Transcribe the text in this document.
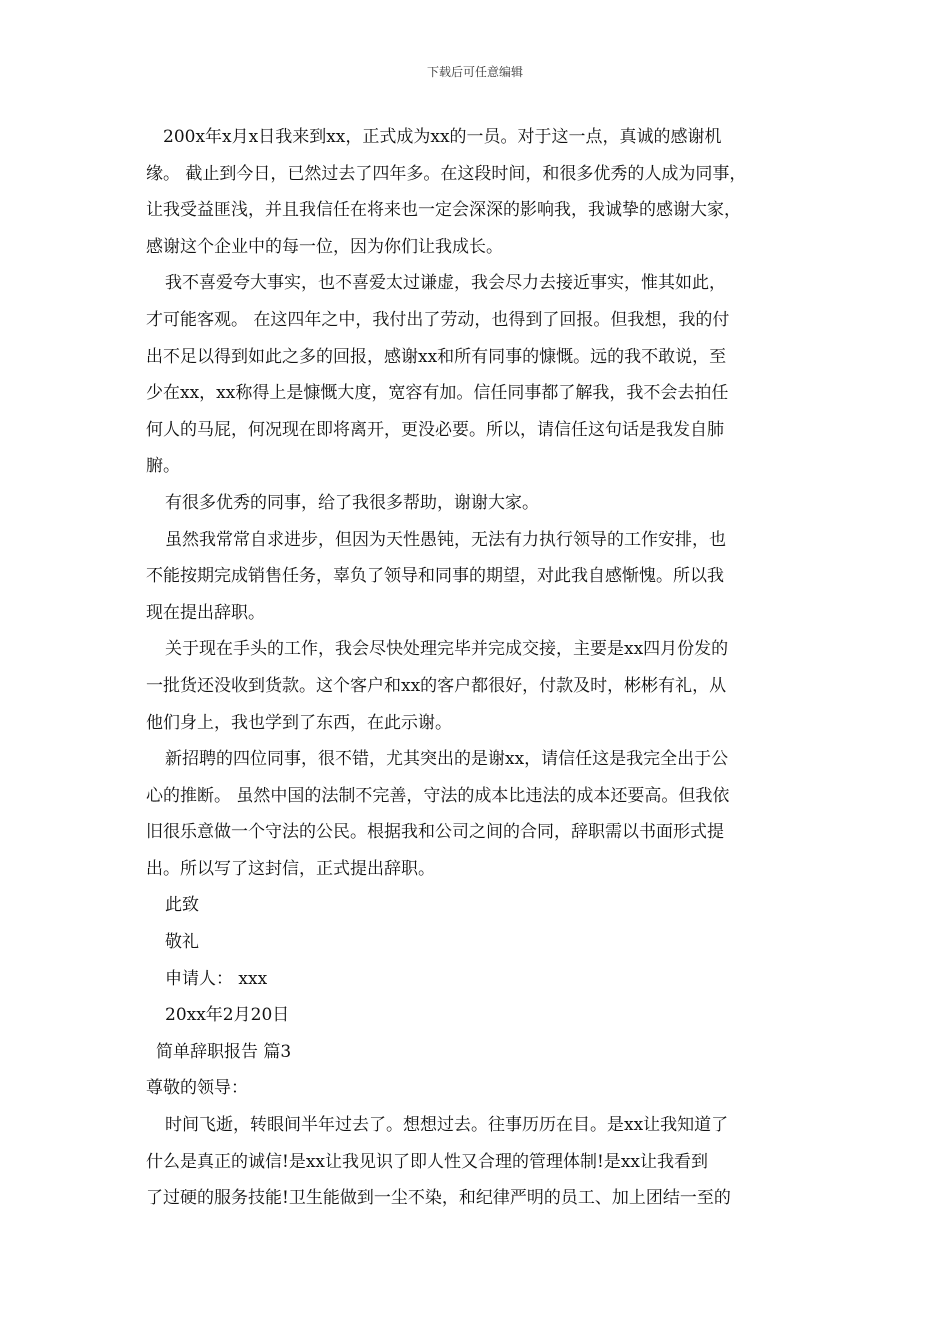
下载后可任意编辑
200x年x月x日我来到xx，正式成为xx的一员。对于这一点，真诚的感谢机
缘。 截止到今日，已然过去了四年多。在这段时间，和很多优秀的人成为同事，
让我受益匪浅，并且我信任在将来也一定会深深的影响我，我诚挚的感谢大家，
感谢这个企业中的每一位，因为你们让我成长。
我不喜爱夸大事实，也不喜爱太过谦虚，我会尽力去接近事实，惟其如此，
才可能客观。 在这四年之中，我付出了劳动，也得到了回报。但我想，我的付
出不足以得到如此之多的回报，感谢xx和所有同事的慷慨。远的我不敢说，至
少在xx，xx称得上是慷慨大度，宽容有加。信任同事都了解我，我不会去拍任
何人的马屁，何况现在即将离开，更没必要。所以，请信任这句话是我发自肺
腑。
有很多优秀的同事，给了我很多帮助，谢谢大家。
虽然我常常自求进步，但因为天性愚钝，无法有力执行领导的工作安排，也
不能按期完成销售任务，辜负了领导和同事的期望，对此我自感惭愧。所以我
现在提出辞职。
关于现在手头的工作，我会尽快处理完毕并完成交接，主要是xx四月份发的
一批货还没收到货款。这个客户和xx的客户都很好，付款及时，彬彬有礼，从
他们身上，我也学到了东西，在此示谢。
新招聘的四位同事，很不错，尤其突出的是谢xx，请信任这是我完全出于公
心的推断。 虽然中国的法制不完善，守法的成本比违法的成本还要高。但我依
旧很乐意做一个守法的公民。根据我和公司之间的合同，辞职需以书面形式提
出。所以写了这封信，正式提出辞职。
此致
敬礼
申请人： xxx
20xx年2月20日
简单辞职报告 篇3
尊敬的领导：
时间飞逝，转眼间半年过去了。想想过去。往事历历在目。是xx让我知道了
什么是真正的诚信!是xx让我见识了即人性又合理的管理体制!是xx让我看到
了过硬的服务技能!卫生能做到一尘不染，和纪律严明的员工、加上团结一至的
